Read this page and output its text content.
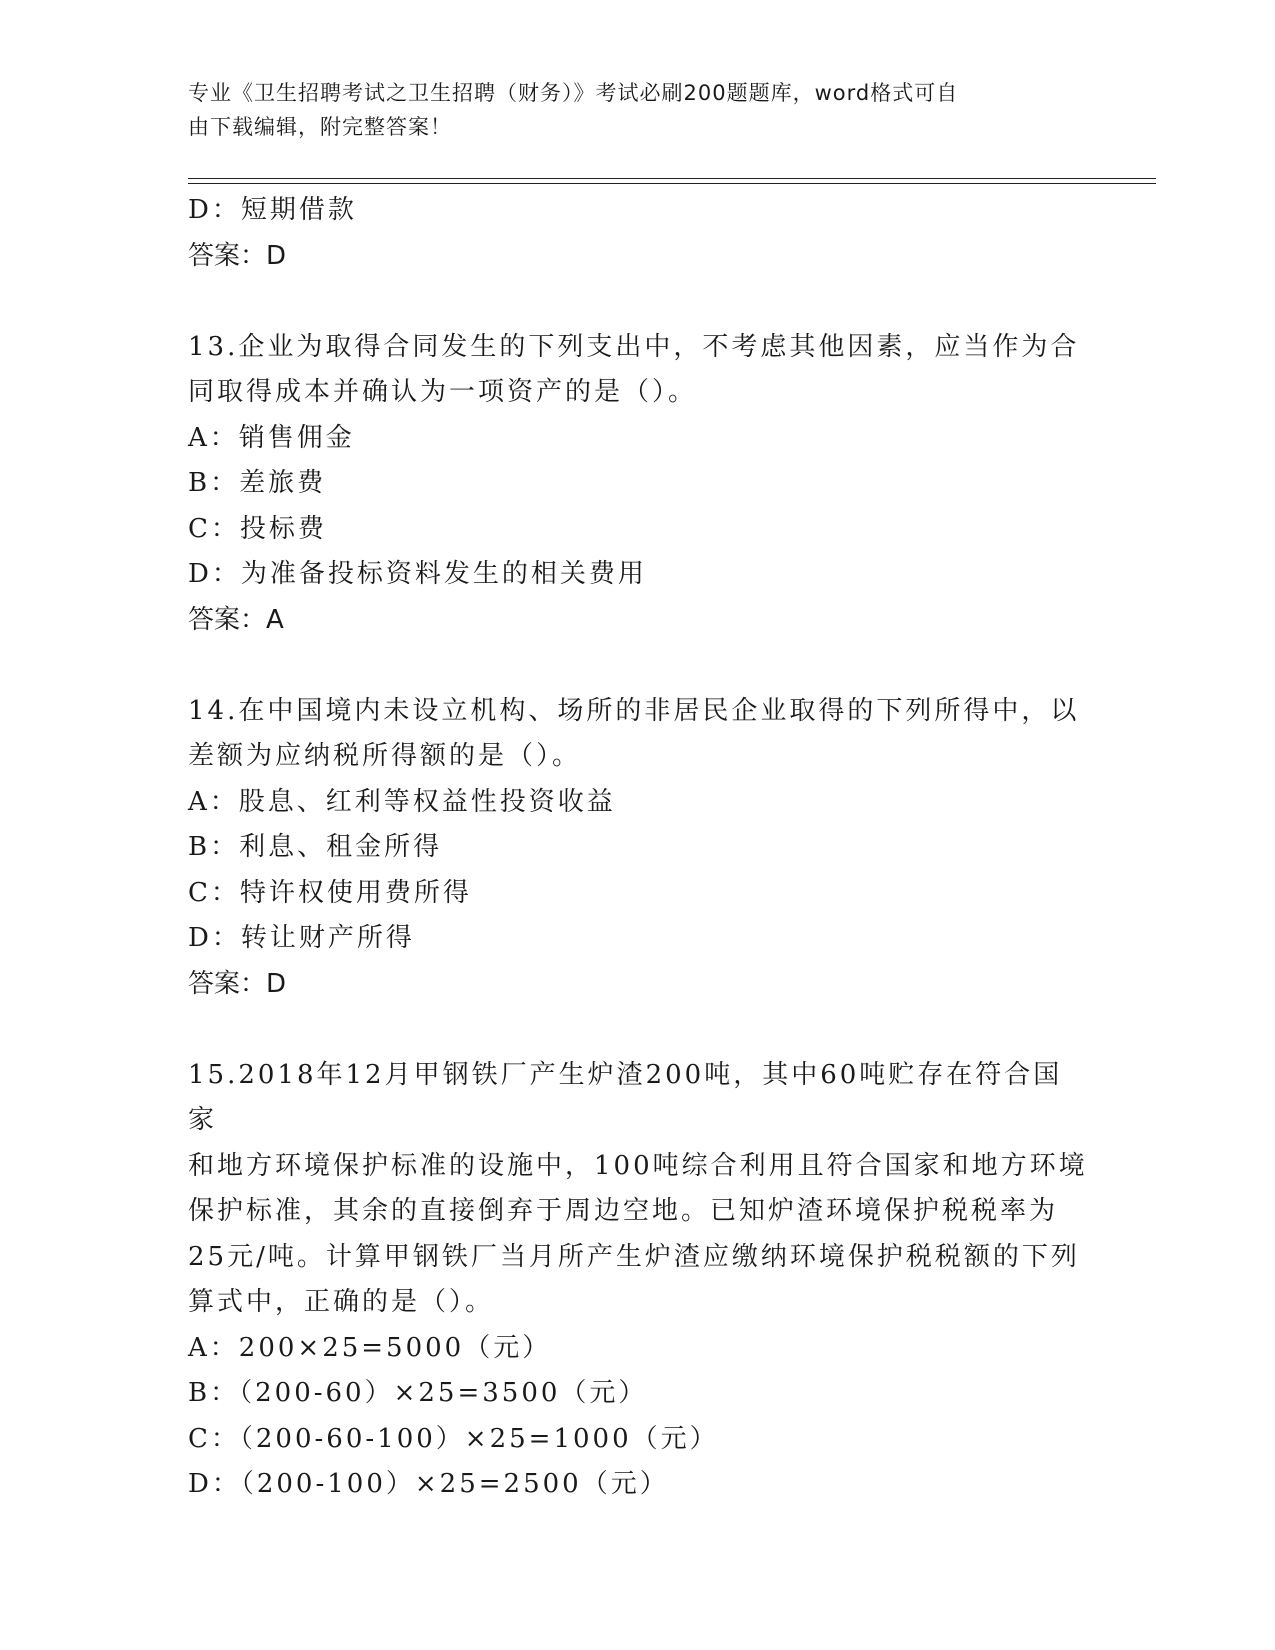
专业《卫生招聘考试之卫生招聘（财务）》考试必刷200题题库，word格式可自
由下载编辑，附完整答案！
D：短期借款
答案：D
13.企业为取得合同发生的下列支出中，不考虑其他因素，应当作为合
同取得成本并确认为一项资产的是（）。
A：销售佣金
B：差旅费
C：投标费
D：为准备投标资料发生的相关费用
答案：A
14.在中国境内未设立机构、场所的非居民企业取得的下列所得中，以
差额为应纳税所得额的是（）。
A：股息、红利等权益性投资收益
B：利息、租金所得
C：特许权使用费所得
D：转让财产所得
答案：D
15.2018年12月甲钢铁厂产生炉渣200吨，其中60吨贮存在符合国家
和地方环境保护标准的设施中，100吨综合利用且符合国家和地方环境
保护标准，其余的直接倒弃于周边空地。已知炉渣环境保护税税率为
25元/吨。计算甲钢铁厂当月所产生炉渣应缴纳环境保护税税额的下列
算式中，正确的是（）。
A：200×25=5000（元）
B：（200-60）×25=3500（元）
C：（200-60-100）×25=1000（元）
D：（200-100）×25=2500（元）
